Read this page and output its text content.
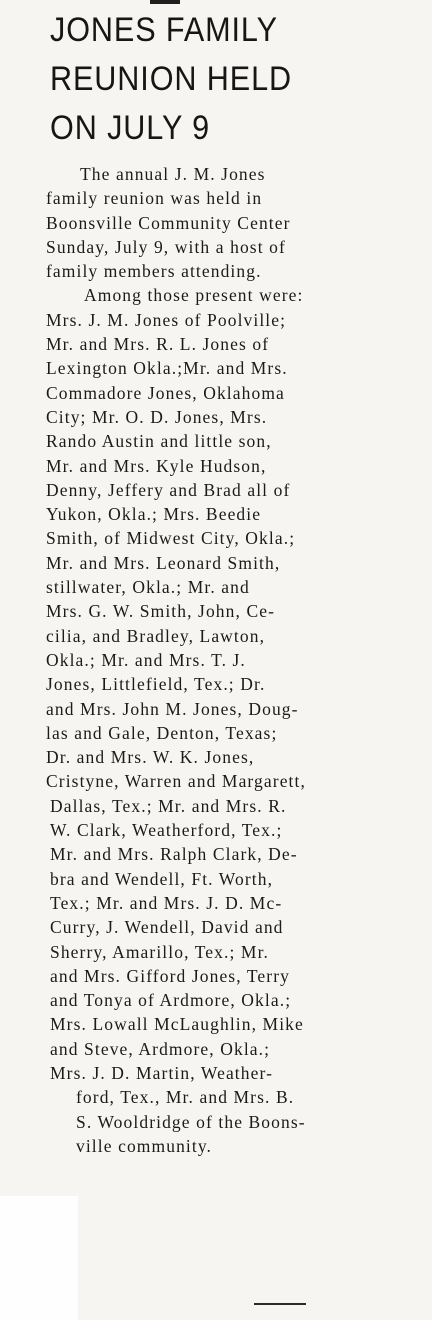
JONES FAMILY
REUNION HELD
ON JULY 9
The annual J. M. Jones
family reunion was held in
Boonsville Community Center
Sunday, July 9, with a host of
family members attending.
Among those present were:
Mrs. J. M. Jones of Poolville;
Mr. and Mrs. R. L. Jones of
Lexington Okla.;Mr. and Mrs.
Commadore Jones, Oklahoma
City; Mr. O. D. Jones, Mrs.
Rando Austin and little son,
Mr. and Mrs. Kyle Hudson,
Denny, Jeffery and Brad all of
Yukon, Okla.; Mrs. Beedie
Smith, of Midwest City, Okla.;
Mr. and Mrs. Leonard Smith,
stillwater, Okla.; Mr. and
Mrs. G. W. Smith, John, Ce-
cilia, and Bradley, Lawton,
Okla.; Mr. and Mrs. T. J.
Jones, Littlefield, Tex.; Dr.
and Mrs. John M. Jones, Doug-
las and Gale, Denton, Texas;
Dr. and Mrs. W. K. Jones,
Cristyne, Warren and Margarett,
Dallas, Tex.; Mr. and Mrs. R.
W. Clark, Weatherford, Tex.;
Mr. and Mrs. Ralph Clark, De-
bra and Wendell, Ft. Worth,
Tex.; Mr. and Mrs. J. D. Mc-
Curry, J. Wendell, David and
Sherry, Amarillo, Tex.; Mr.
and Mrs. Gifford Jones, Terry
and Tonya of Ardmore, Okla.;
Mrs. Lowall McLaughlin, Mike
and Steve, Ardmore, Okla.;
Mrs. J. D. Martin, Weather-
ford, Tex., Mr. and Mrs. B.
S. Wooldridge of the Boons-
ville community.
